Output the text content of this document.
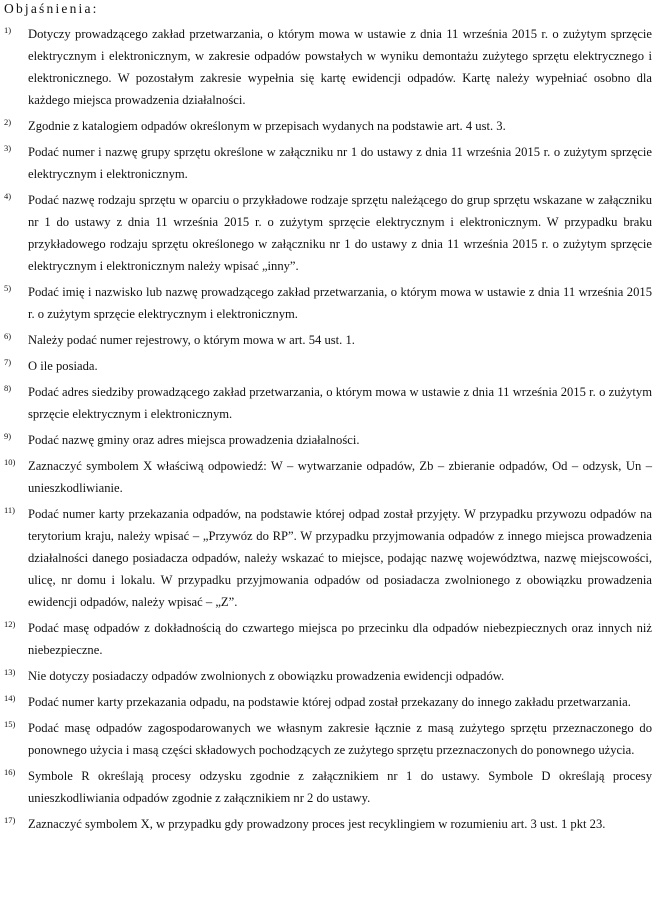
Objaśnienia:

1)	Dotyczy prowadzącego zakład przetwarzania, o którym mowa w ustawie z dnia 11 września 2015 r. o zużytym sprzęcie elektrycznym i elektronicznym, w zakresie odpadów powstałych w wyniku demontażu zużytego sprzętu elektrycznego i elektronicznego. W pozostałym zakresie wypełnia się kartę ewidencji odpadów. Kartę należy wypełniać osobno dla każdego miejsca prowadzenia działalności.
2)	Zgodnie z katalogiem odpadów określonym w przepisach wydanych na podstawie art. 4 ust. 3.
3)	Podać numer i nazwę grupy sprzętu określone w załączniku nr 1 do ustawy z dnia 11 września 2015 r. o zużytym sprzęcie elektrycznym i elektronicznym.
4)	Podać nazwę rodzaju sprzętu w oparciu o przykładowe rodzaje sprzętu należącego do grup sprzętu wskazane w załączniku nr 1 do ustawy z dnia 11 września 2015 r. o zużytym sprzęcie elektrycznym i elektronicznym. W przypadku braku przykładowego rodzaju sprzętu określonego w załączniku nr 1 do ustawy z dnia 11 września 2015 r. o zużytym sprzęcie elektrycznym i elektronicznym należy wpisać „inny”.
5)	Podać imię i nazwisko lub nazwę prowadzącego zakład przetwarzania, o którym mowa w ustawie z dnia 11 września 2015 r. o zużytym sprzęcie elektrycznym i elektronicznym.
6)	Należy podać numer rejestrowy, o którym mowa w art. 54 ust. 1.
7)	O ile posiada.
8)	Podać adres siedziby prowadzącego zakład przetwarzania, o którym mowa w ustawie z dnia 11 września 2015 r. o zużytym sprzęcie elektrycznym i elektronicznym.
9)	Podać nazwę gminy oraz adres miejsca prowadzenia działalności.
10)	Zaznaczyć symbolem X właściwą odpowiedź: W – wytwarzanie odpadów, Zb – zbieranie odpadów, Od – odzysk, Un – unieszkodliwianie.
11)	Podać numer karty przekazania odpadów, na podstawie której odpad został przyjęty. W przypadku przywozu odpadów na terytorium kraju, należy wpisać – „Przywóz do RP”. W przypadku przyjmowania odpadów z innego miejsca prowadzenia działalności danego posiadacza odpadów, należy wskazać to miejsce, podając nazwę województwa, nazwę miejscowości, ulicę, nr domu i lokalu. W przypadku przyjmowania odpadów od posiadacza zwolnionego z obowiązku prowadzenia ewidencji odpadów, należy wpisać – „Z”.
12)	Podać masę odpadów z dokładnością do czwartego miejsca po przecinku dla odpadów niebezpiecznych oraz innych niż niebezpieczne.
13)	Nie dotyczy posiadaczy odpadów zwolnionych z obowiązku prowadzenia ewidencji odpadów.
14)	Podać numer karty przekazania odpadu, na podstawie której odpad został przekazany do innego zakładu przetwarzania.
15)	Podać masę odpadów zagospodarowanych we własnym zakresie łącznie z masą zużytego sprzętu przeznaczonego do ponownego użycia i masą części składowych pochodzących ze zużytego sprzętu przeznaczonych do ponownego użycia.
16)	Symbole R określają procesy odzysku zgodnie z załącznikiem nr 1 do ustawy. Symbole D określają procesy unieszkodliwiania odpadów zgodnie z załącznikiem nr 2 do ustawy.
17)	Zaznaczyć symbolem X, w przypadku gdy prowadzony proces jest recyklingiem w rozumieniu art. 3 ust. 1 pkt 23.
